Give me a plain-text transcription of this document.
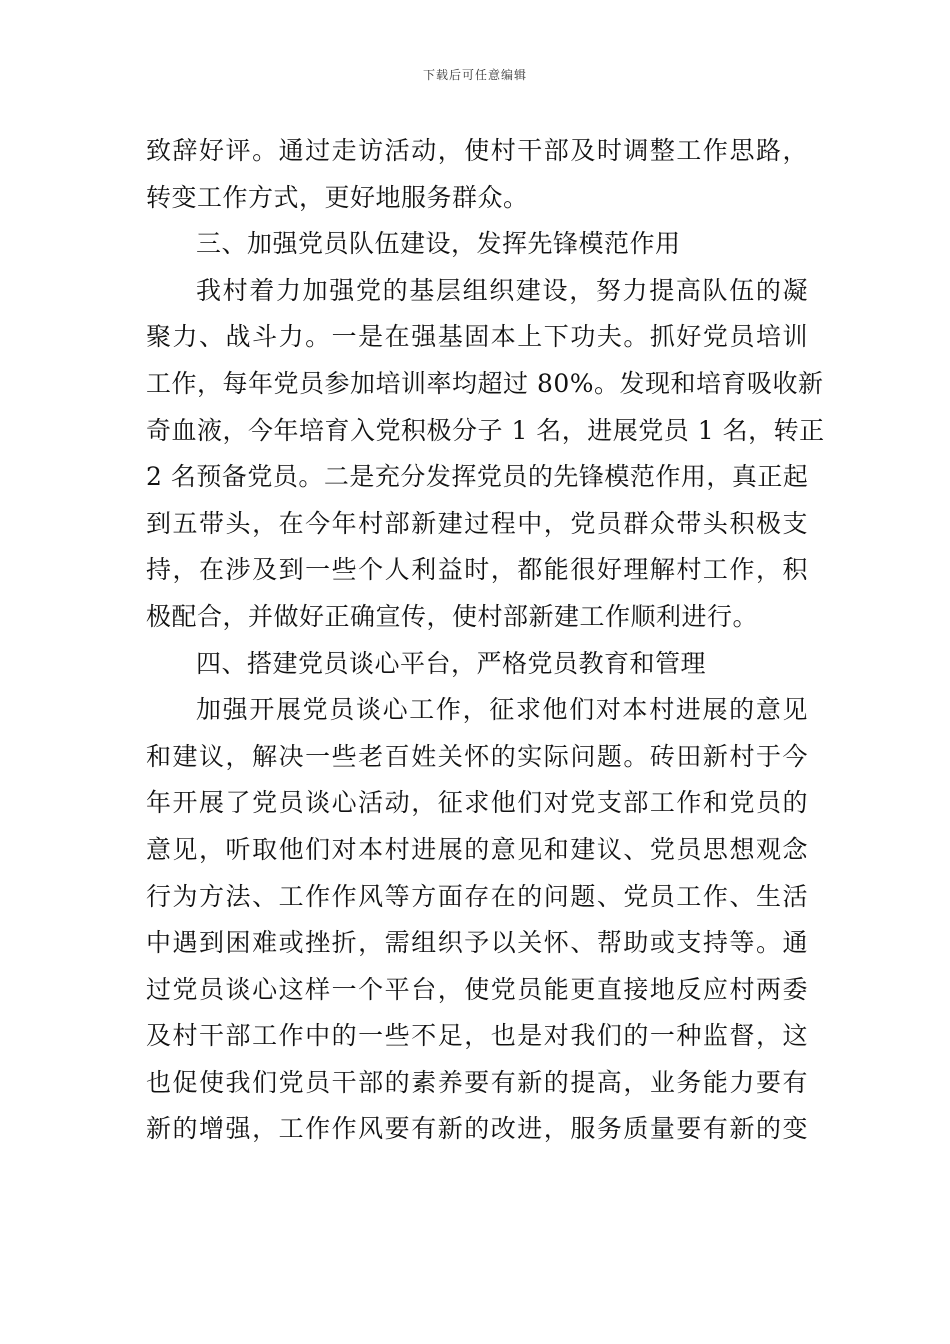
下载后可任意编辑
致辞好评。通过走访活动，使村干部及时调整工作思路，
转变工作方式，更好地服务群众。
三、加强党员队伍建设，发挥先锋模范作用
我村着力加强党的基层组织建设，努力提高队伍的凝
聚力、战斗力。一是在强基固本上下功夫。抓好党员培训
工作，每年党员参加培训率均超过 80%。发现和培育吸收新
奇血液，今年培育入党积极分子 1 名，进展党员 1 名，转正
2 名预备党员。二是充分发挥党员的先锋模范作用，真正起
到五带头，在今年村部新建过程中，党员群众带头积极支
持，在涉及到一些个人利益时，都能很好理解村工作，积
极配合，并做好正确宣传，使村部新建工作顺利进行。
四、搭建党员谈心平台，严格党员教育和管理
加强开展党员谈心工作，征求他们对本村进展的意见
和建议，解决一些老百姓关怀的实际问题。砖田新村于今
年开展了党员谈心活动，征求他们对党支部工作和党员的
意见，听取他们对本村进展的意见和建议、党员思想观念
行为方法、工作作风等方面存在的问题、党员工作、生活
中遇到困难或挫折，需组织予以关怀、帮助或支持等。通
过党员谈心这样一个平台，使党员能更直接地反应村两委
及村干部工作中的一些不足，也是对我们的一种监督，这
也促使我们党员干部的素养要有新的提高，业务能力要有
新的增强，工作作风要有新的改进，服务质量要有新的变
